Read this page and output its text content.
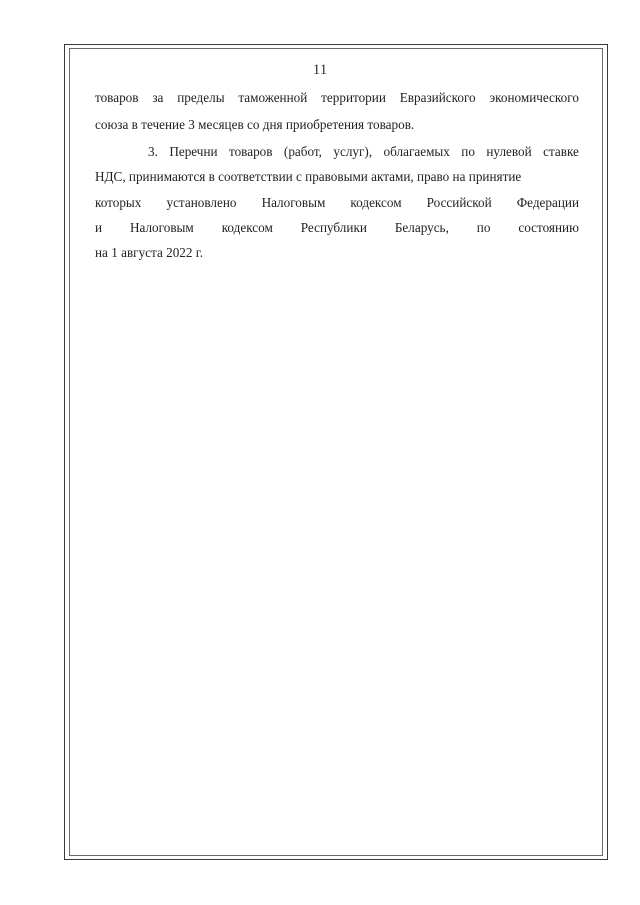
11
товаров за пределы таможенной территории Евразийского экономического
союза в течение 3 месяцев со дня приобретения товаров.
3. Перечни товаров (работ, услуг), облагаемых по нулевой ставке
НДС, принимаются в соответствии с правовыми актами, право на принятие
которых установлено Налоговым кодексом Российской Федерации
и Налоговым кодексом Республики Беларусь, по состоянию
на 1 августа 2022 г.
